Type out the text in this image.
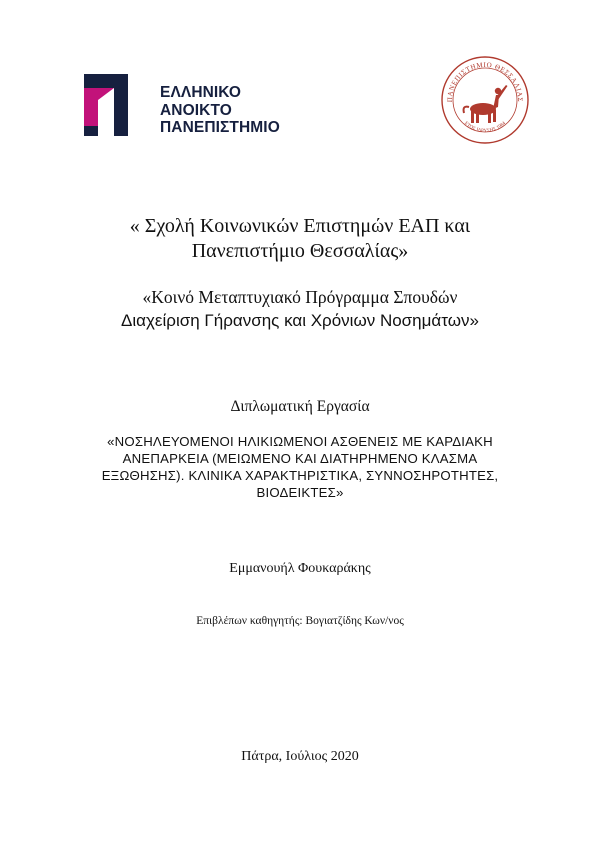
ΕΛΛΗΝΙΚΟ
ΑΝΟΙΚΤΟ
ΠΑΝΕΠΙΣΤΗΜΙΟ
ΠΑΝΕΠΙΣΤΗΜΙΟ ΘΕΣΣΑΛΙΑΣ
ΕΤΟΣ ΙΔΡΥΣΗΣ 1984
« Σχολή Κοινωνικών Επιστημών ΕΑΠ και
Πανεπιστήμιο Θεσσαλίας»
«Κοινό Μεταπτυχιακό Πρόγραμμα Σπουδών
Διαχείριση Γήρανσης και Χρόνιων Νοσημάτων»
Διπλωματική Εργασία
«ΝΟΣΗΛΕΥΟΜΕΝΟΙ ΗΛΙΚΙΩΜΕΝΟΙ ΑΣΘΕΝΕΙΣ ΜΕ ΚΑΡΔΙΑΚΗ
ΑΝΕΠΑΡΚΕΙΑ (ΜΕΙΩΜΕΝΟ ΚΑΙ ΔΙΑΤΗΡΗΜΕΝΟ ΚΛΑΣΜΑ
ΕΞΩΘΗΣΗΣ). ΚΛΙΝΙΚΑ ΧΑΡΑΚΤΗΡΙΣΤΙΚΑ, ΣΥΝΝΟΣΗΡΟΤΗΤΕΣ,
ΒΙΟΔΕΙΚΤΕΣ»
Εμμανουήλ Φουκαράκης
Επιβλέπων καθηγητής: Βογιατζίδης Κων/νος
Πάτρα, Ιούλιος 2020
